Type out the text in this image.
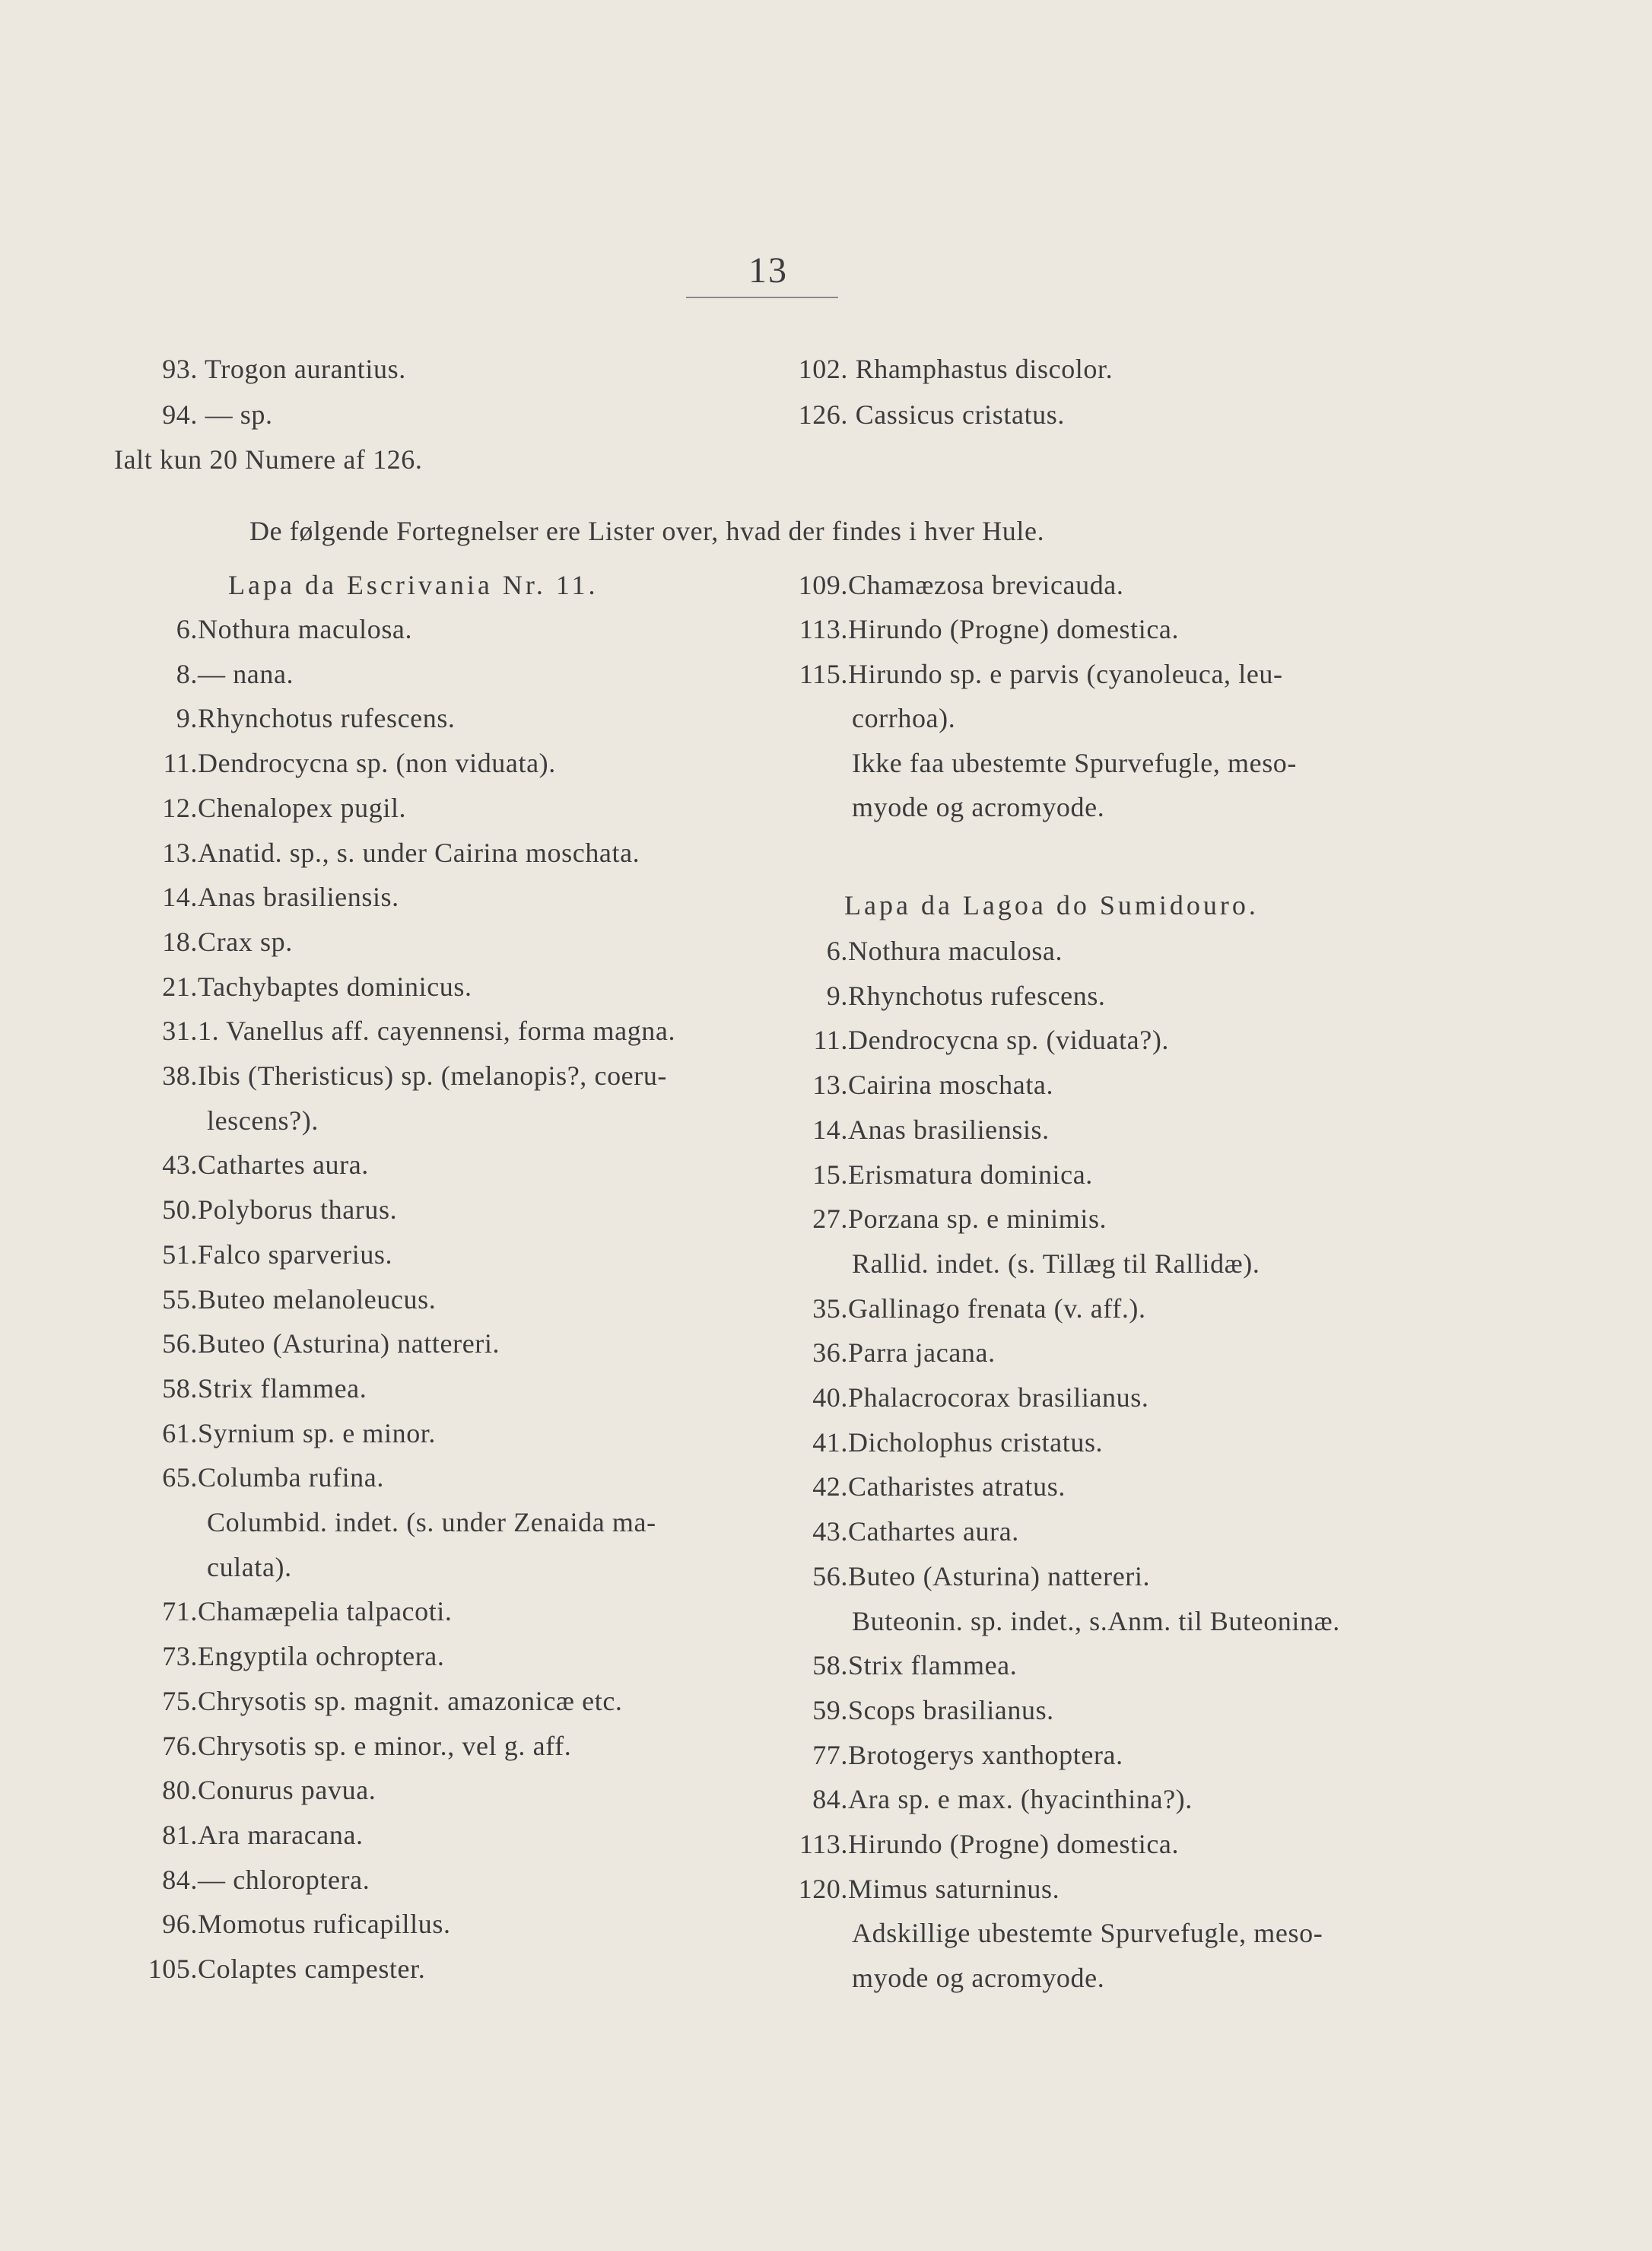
13
93. Trogon aurantius.
94. — sp.
Ialt kun 20 Numere af 126.
102. Rhamphastus discolor.
126. Cassicus cristatus.
De følgende Fortegnelser ere Lister over, hvad der findes i hver Hule.
Lapa da Escrivania Nr. 11.
6.Nothura maculosa.
8.— nana.
9.Rhynchotus rufescens.
11.Dendrocycna sp. (non viduata).
12.Chenalopex pugil.
13.Anatid. sp., s. under Cairina moschata.
14.Anas brasiliensis.
18.Crax sp.
21.Tachybaptes dominicus.
31.1. Vanellus aff. cayennensi, forma magna.
38.Ibis (Theristicus) sp. (melanopis?, coeru-
lescens?).
43.Cathartes aura.
50.Polyborus tharus.
51.Falco sparverius.
55.Buteo melanoleucus.
56.Buteo (Asturina) nattereri.
58.Strix flammea.
61.Syrnium sp. e minor.
65.Columba rufina.
Columbid. indet. (s. under Zenaida ma-
culata).
71.Chamæpelia talpacoti.
73.Engyptila ochroptera.
75.Chrysotis sp. magnit. amazonicæ etc.
76.Chrysotis sp. e minor., vel g. aff.
80.Conurus pavua.
81.Ara maracana.
84.— chloroptera.
96.Momotus ruficapillus.
105.Colaptes campester.
109.Chamæzosa brevicauda.
113.Hirundo (Progne) domestica.
115.Hirundo sp. e parvis (cyanoleuca, leu-
corrhoa).
Ikke faa ubestemte Spurvefugle, meso-
myode og acromyode.
Lapa da Lagoa do Sumidouro.
6.Nothura maculosa.
9.Rhynchotus rufescens.
11.Dendrocycna sp. (viduata?).
13.Cairina moschata.
14.Anas brasiliensis.
15.Erismatura dominica.
27.Porzana sp. e minimis.
Rallid. indet. (s. Tillæg til Rallidæ).
35.Gallinago frenata (v. aff.).
36.Parra jacana.
40.Phalacrocorax brasilianus.
41.Dicholophus cristatus.
42.Catharistes atratus.
43.Cathartes aura.
56.Buteo (Asturina) nattereri.
Buteonin. sp. indet., s.Anm. til Buteoninæ.
58.Strix flammea.
59.Scops brasilianus.
77.Brotogerys xanthoptera.
84.Ara sp. e max. (hyacinthina?).
113.Hirundo (Progne) domestica.
120.Mimus saturninus.
Adskillige ubestemte Spurvefugle, meso-
myode og acromyode.
